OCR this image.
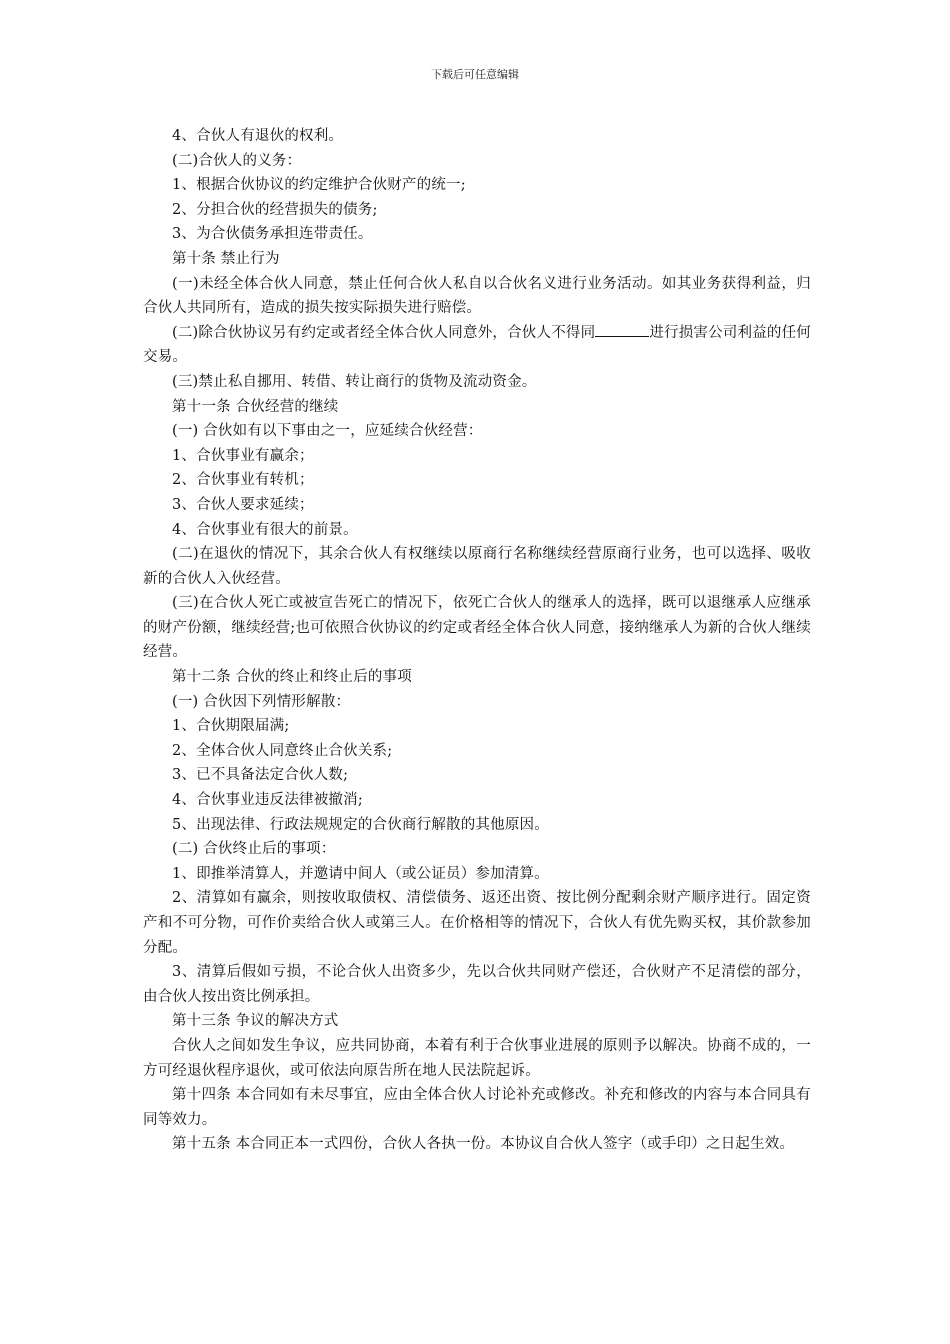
下载后可任意编辑

4、合伙人有退伙的权利。

(二)合伙人的义务：

1、根据合伙协议的约定维护合伙财产的统一;

2、分担合伙的经营损失的债务;

3、为合伙债务承担连带责任。

第十条 禁止行为

(一)未经全体合伙人同意，禁止任何合伙人私自以合伙名义进行业务活动。如其业务获得利益，归合伙人共同所有，造成的损失按实际损失进行赔偿。

(二)除合伙协议另有约定或者经全体合伙人同意外，合伙人不得同	进行损害公司利益的任何交易。

(三)禁止私自挪用、转借、转让商行的货物及流动资金。

第十一条 合伙经营的继续

(一) 合伙如有以下事由之一，应延续合伙经营：

1、合伙事业有赢余；

2、合伙事业有转机；

3、合伙人要求延续；

4、合伙事业有很大的前景。

(二)在退伙的情况下，其余合伙人有权继续以原商行名称继续经营原商行业务，也可以选择、吸收新的合伙人入伙经营。

(三)在合伙人死亡或被宣告死亡的情况下，依死亡合伙人的继承人的选择，既可以退继承人应继承的财产份额，继续经营;也可依照合伙协议的约定或者经全体合伙人同意，接纳继承人为新的合伙人继续经营。

第十二条 合伙的终止和终止后的事项

(一) 合伙因下列情形解散：

1、合伙期限届满;

2、全体合伙人同意终止合伙关系;

3、已不具备法定合伙人数;

4、合伙事业违反法律被撤消;

5、出现法律、行政法规规定的合伙商行解散的其他原因。

(二) 合伙终止后的事项：

1、即推举清算人，并邀请中间人（或公证员）参加清算。

2、清算如有赢余，则按收取债权、清偿债务、返还出资、按比例分配剩余财产顺序进行。固定资产和不可分物，可作价卖给合伙人或第三人。在价格相等的情况下，合伙人有优先购买权，其价款参加分配。

3、清算后假如亏损，不论合伙人出资多少，先以合伙共同财产偿还，合伙财产不足清偿的部分，由合伙人按出资比例承担。

第十三条 争议的解决方式

合伙人之间如发生争议，应共同协商，本着有利于合伙事业进展的原则予以解决。协商不成的，一方可经退伙程序退伙，或可依法向原告所在地人民法院起诉。

第十四条 本合同如有未尽事宜，应由全体合伙人讨论补充或修改。补充和修改的内容与本合同具有同等效力。

第十五条 本合同正本一式四份，合伙人各执一份。本协议自合伙人签字（或手印）之日起生效。
